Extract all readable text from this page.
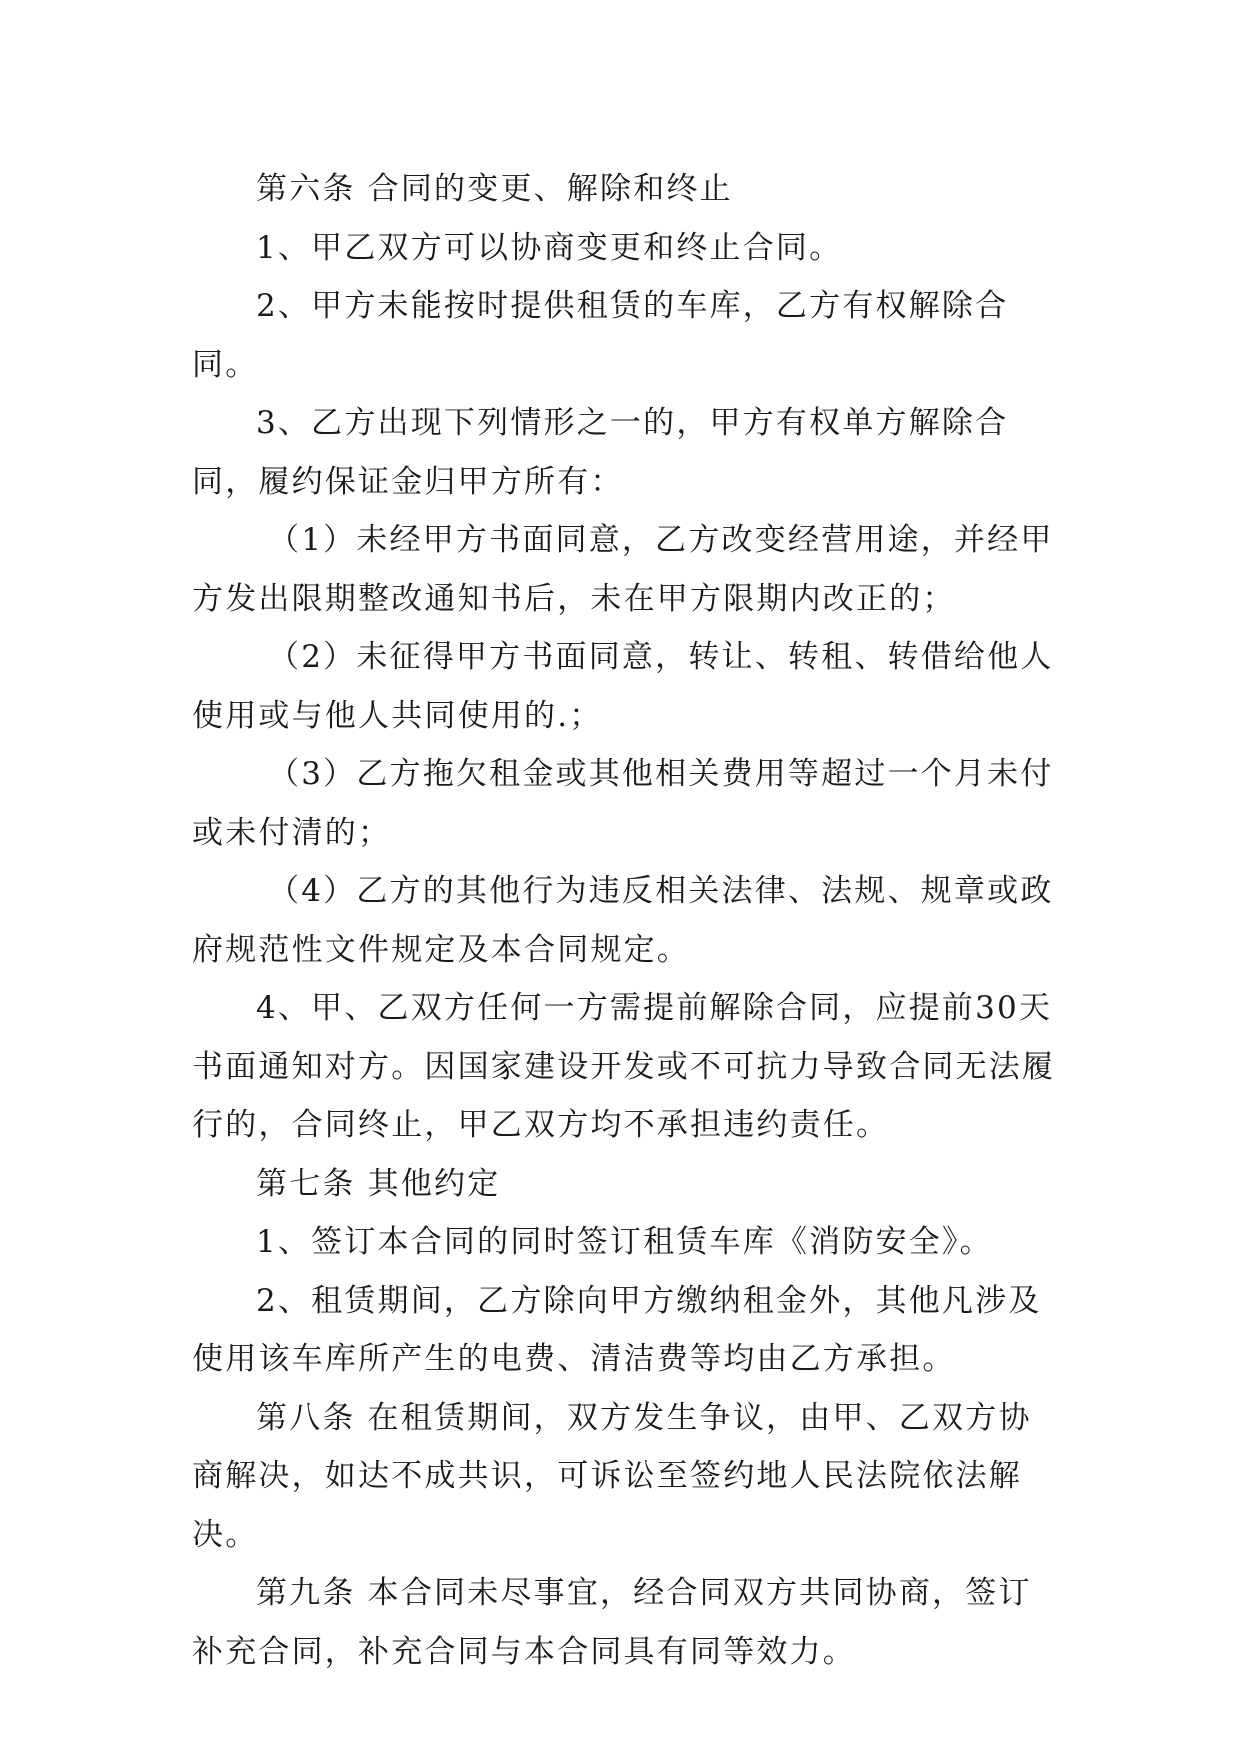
第六条 合同的变更、解除和终止

1、甲乙双方可以协商变更和终止合同。

2、甲方未能按时提供租赁的车库，乙方有权解除合同。

3、乙方出现下列情形之一的，甲方有权单方解除合同，履约保证金归甲方所有：

（1）未经甲方书面同意，乙方改变经营用途，并经甲方发出限期整改通知书后，未在甲方限期内改正的；

（2）未征得甲方书面同意，转让、转租、转借给他人使用或与他人共同使用的.；

（3）乙方拖欠租金或其他相关费用等超过一个月未付或未付清的；

（4）乙方的其他行为违反相关法律、法规、规章或政府规范性文件规定及本合同规定。

4、甲、乙双方任何一方需提前解除合同，应提前30天书面通知对方。因国家建设开发或不可抗力导致合同无法履行的，合同终止，甲乙双方均不承担违约责任。

第七条 其他约定

1、签订本合同的同时签订租赁车库《消防安全》。

2、租赁期间，乙方除向甲方缴纳租金外，其他凡涉及使用该车库所产生的电费、清洁费等均由乙方承担。

第八条 在租赁期间，双方发生争议，由甲、乙双方协商解决，如达不成共识，可诉讼至签约地人民法院依法解决。

第九条 本合同未尽事宜，经合同双方共同协商，签订补充合同，补充合同与本合同具有同等效力。
